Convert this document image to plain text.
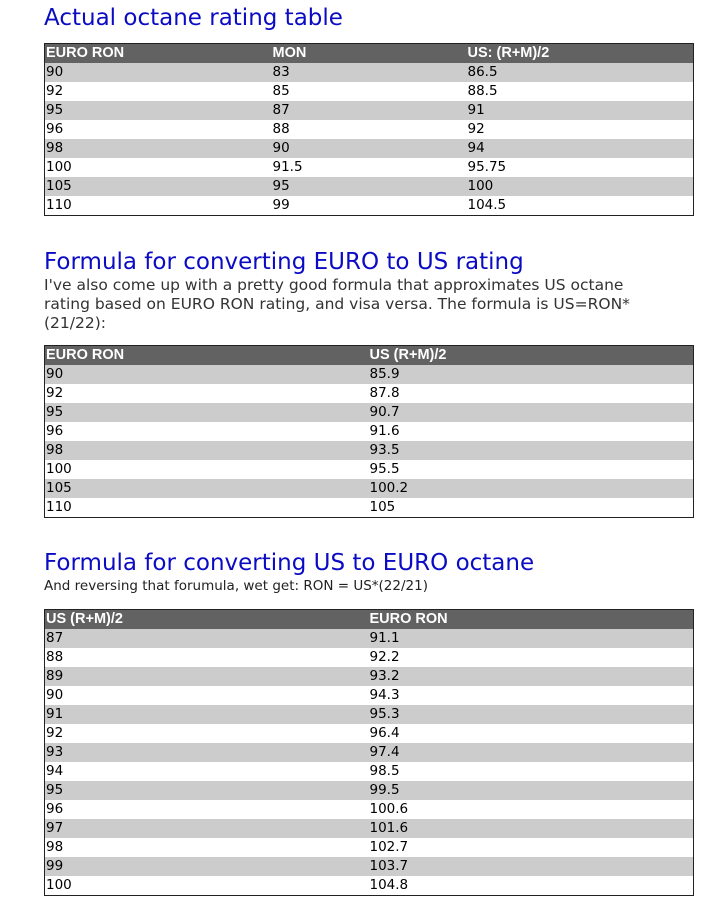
Actual octane rating table
EURO RON	MON	US: (R+M)/2
90	83	86.5
92	85	88.5
95	87	91
96	88	92
98	90	94
100	91.5	95.75
105	95	100
110	99	104.5
Formula for converting EURO to US rating

I've also come up with a pretty good formula that approximates US octane rating based on EURO RON rating, and visa versa. The formula is US=RON*(21/22):

EURO RON	US (R+M)/2
90	85.9
92	87.8
95	90.7
96	91.6
98	93.5
100	95.5
105	100.2
110	105
Formula for converting US to EURO octane

And reversing that forumula, wet get: RON = US*(22/21)

US (R+M)/2	EURO RON
87	91.1
88	92.2
89	93.2
90	94.3
91	95.3
92	96.4
93	97.4
94	98.5
95	99.5
96	100.6
97	101.6
98	102.7
99	103.7
100	104.8
